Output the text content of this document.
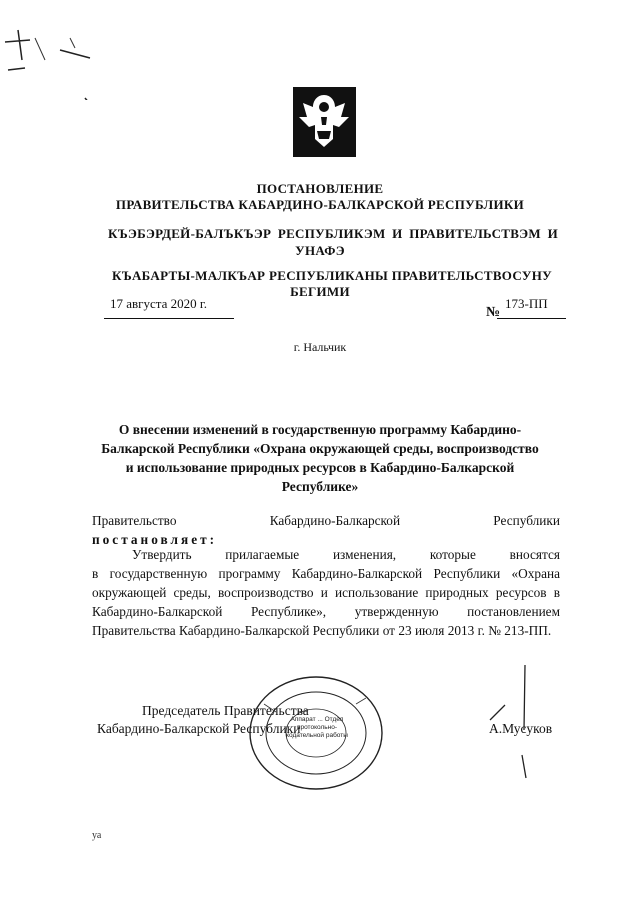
ПОСТАНОВЛЕНИЕ
ПРАВИТЕЛЬСТВА КАБАРДИНО-БАЛКАРСКОЙ РЕСПУБЛИКИ
КЪЭБЭРДЕЙ-БАЛЪКЪЭР РЕСПУБЛИКЭМ И ПРАВИТЕЛЬСТВЭМ И
УНАФЭ
КЪАБАРТЫ-МАЛКЪАР РЕСПУБЛИКАНЫ ПРАВИТЕЛЬСТВОСУНУ
БЕГИМИ
17 августа 2020 г.
№
173-ПП
г. Нальчик
О внесении изменений в государственную программу Кабардино-Балкарской Республики «Охрана окружающей среды, воспроизводство и использование природных ресурсов в Кабардино-Балкарской Республике»
Правительство Кабардино-Балкарской Республики
постановляет:
Утвердить прилагаемые изменения, которые вносятся
в государственную программу Кабардино-Балкарской Республики «Охрана окружающей среды, воспроизводство и использование природных ресурсов в Кабардино-Балкарской Республике», утвержденную постановлением Правительства Кабардино-Балкарской Республики от 23 июля 2013 г. № 213-ПП.
Аппарат ... Отдел протокольно-кодательной работы
Председатель Правительства
Кабардино-Балкарской Республики	А.Мусуков
уа
